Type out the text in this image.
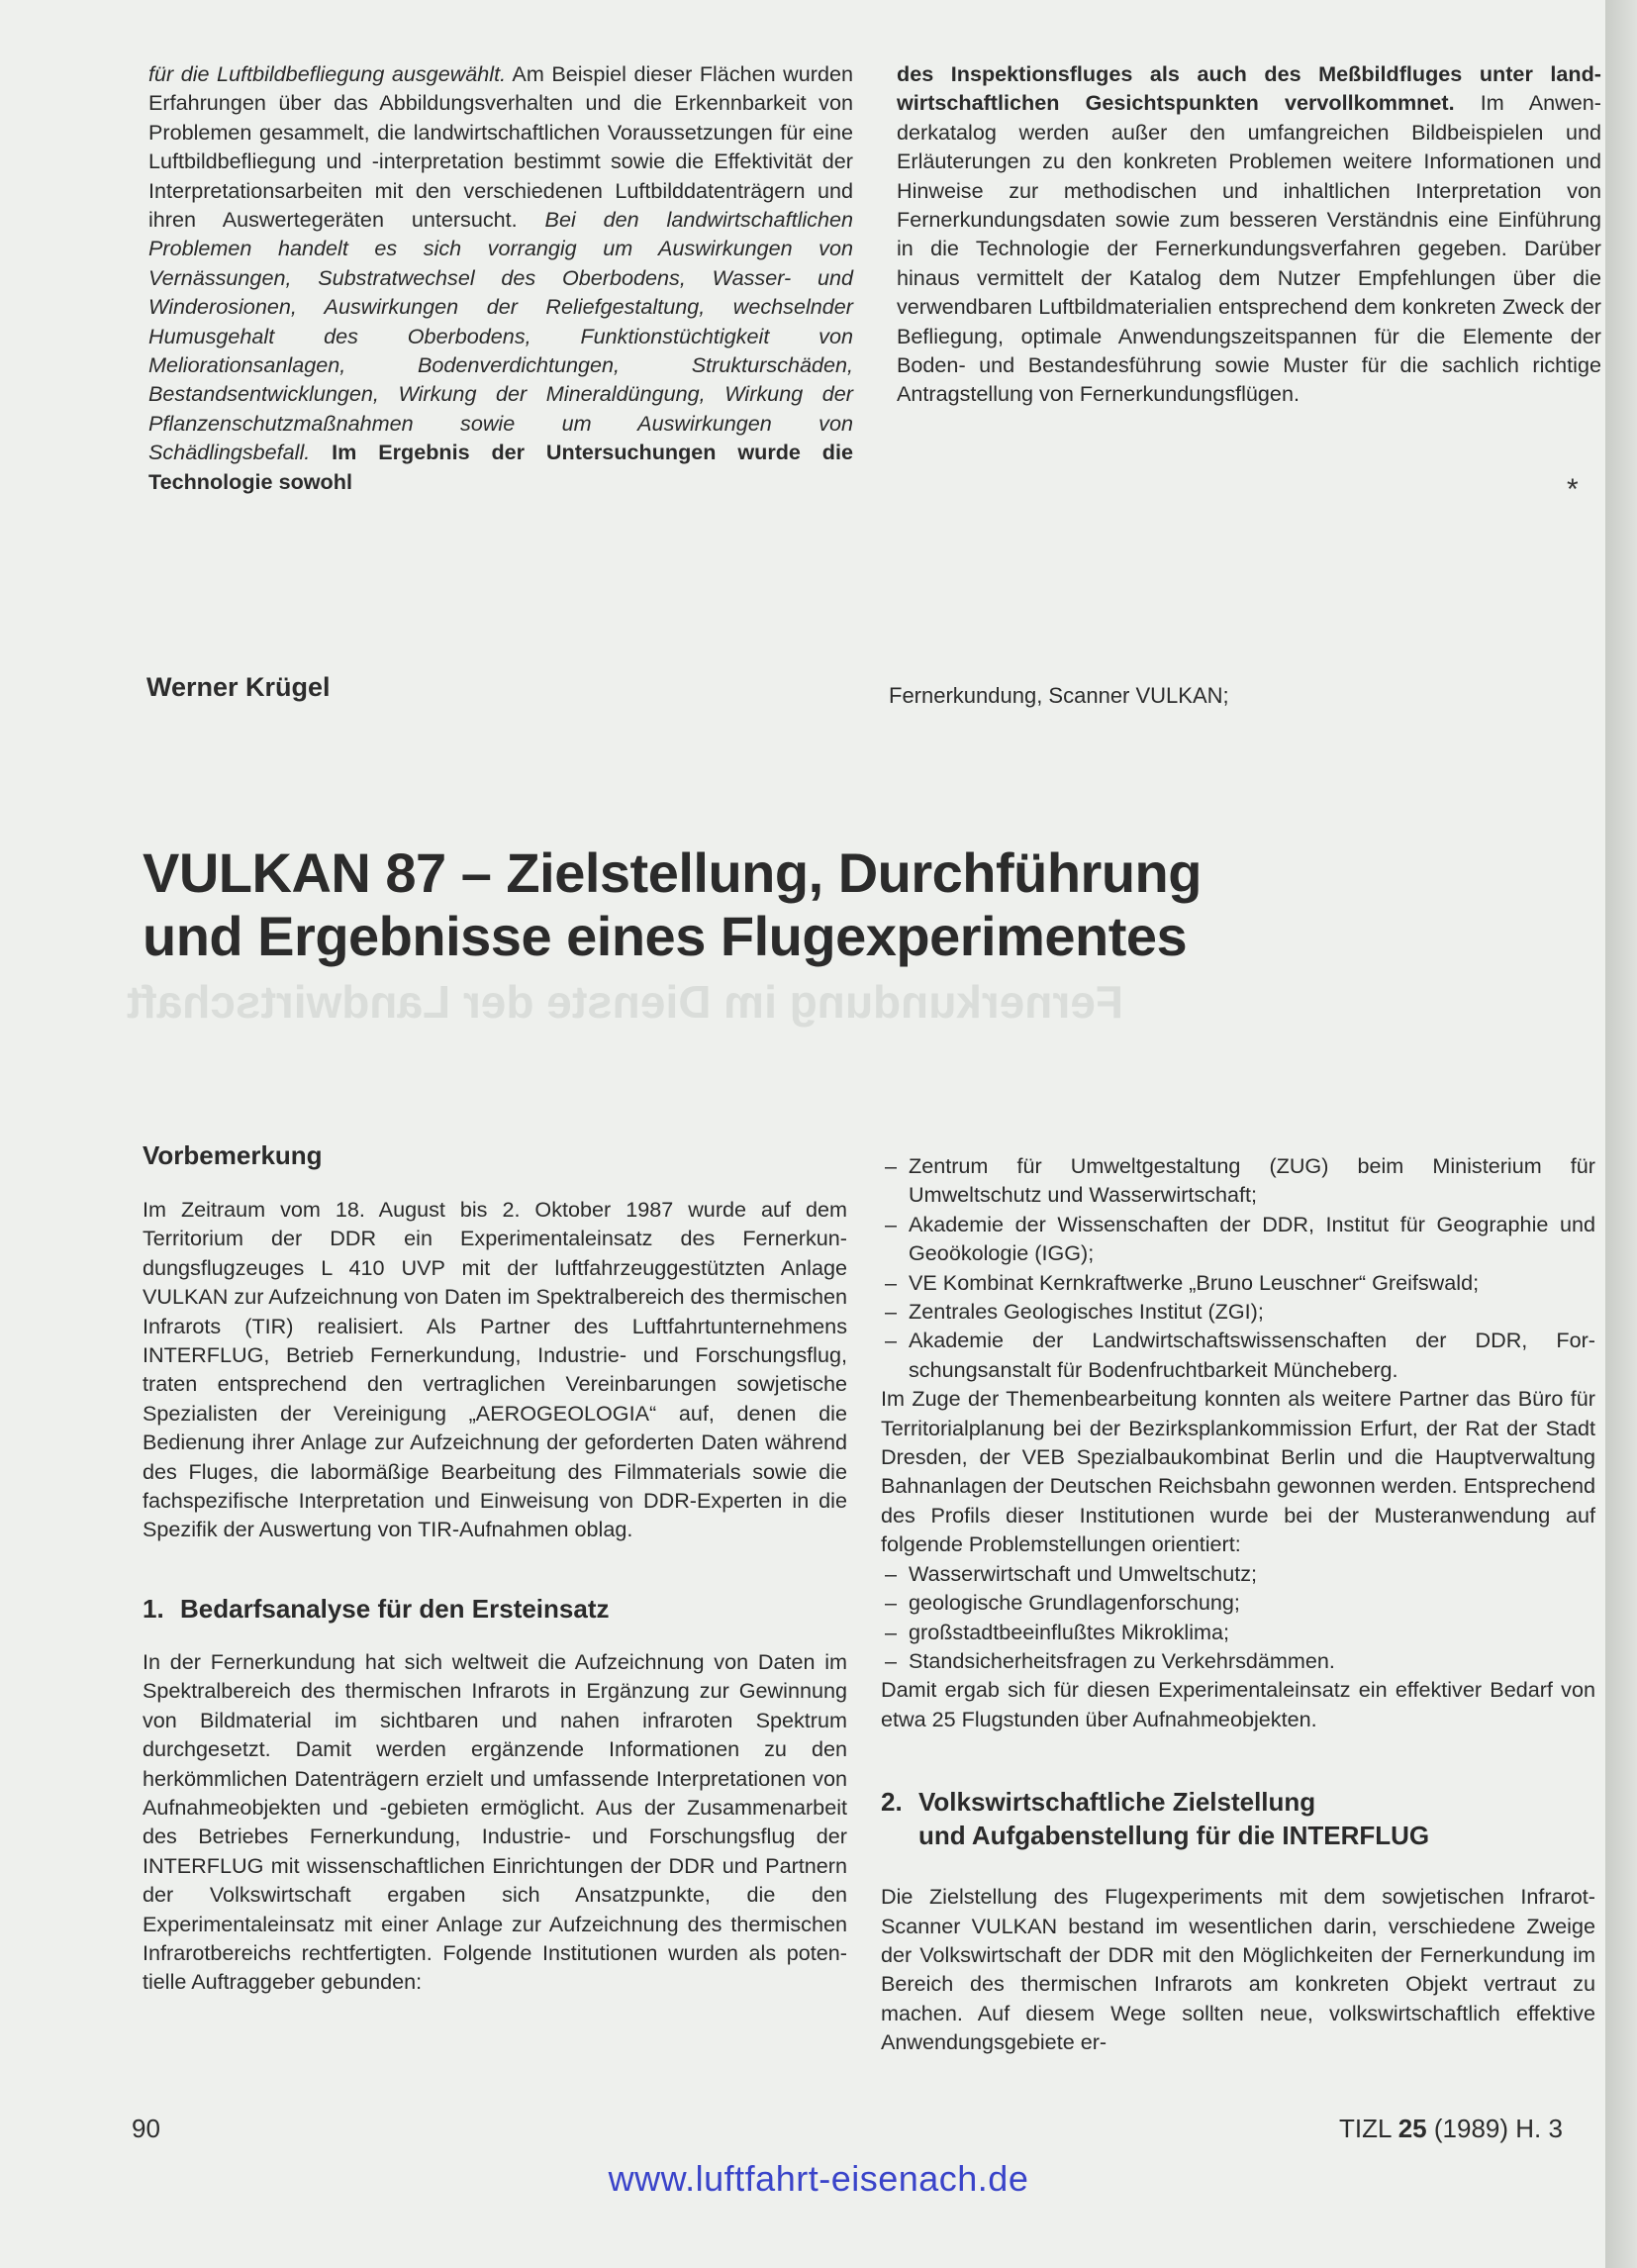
für die Luftbildbefliegung ausgewählt. Am Beispiel dieser Flächen wurden Erfahrungen über das Abbildungsverhalten und die Erkennbarkeit von Problemen gesammelt, die landwirtschaftlichen Voraussetzungen für eine Luftbildbefliegung und -interpretation bestimmt sowie die Effektivität der Interpretationsarbeiten mit den verschiedenen Luftbilddatenträgern und ihren Auswertegeräten untersucht. Bei den landwirtschaftlichen Problemen handelt es sich vorrangig um Auswirkungen von Vernässungen, Substratwechsel des Oberbodens, Wasser- und Winderosionen, Auswirkungen der Reliefgestaltung, wechselnder Humusgehalt des Oberbodens, Funktionstüchtigkeit von Meliorationsanlagen, Bodenverdichtungen, Strukturschäden, Bestandsentwicklungen, Wirkung der Mineraldüngung, Wirkung der Pflanzenschutzmaßnahmen sowie um Auswirkungen von Schädlingsbefall. Im Ergebnis der Untersuchungen wurde die Technologie sowohl

des Inspektionsfluges als auch des Meßbildfluges unter landwirtschaftlichen Gesichtspunkten vervollkommnet. Im Anwenderkatalog werden außer den umfangreichen Bildbeispielen und Erläuterungen zu den konkreten Problemen weitere Informationen und Hinweise zur methodischen und inhaltlichen Interpretation von Fernerkundungsdaten sowie zum besseren Verständnis eine Einführung in die Technologie der Fernerkundungsverfahren gegeben. Darüber hinaus vermittelt der Katalog dem Nutzer Empfehlungen über die verwendbaren Luftbildmaterialien entsprechend dem konkreten Zweck der Befliegung, optimale Anwendungszeitspannen für die Elemente der Boden- und Bestandesführung sowie Muster für die sachlich richtige Antragstellung von Fernerkundungsflügen.

*
Werner Krügel	Fernerkundung, Scanner VULKAN;
Fernerkundung im Dienste der Landwirtschaft
VULKAN 87 – Zielstellung, Durchführung
und Ergebnisse eines Flugexperimentes
Vorbemerkung

Im Zeitraum vom 18. August bis 2. Oktober 1987 wurde auf dem Territorium der DDR ein Experimentaleinsatz des Fernerkundungsflugzeuges L 410 UVP mit der luftfahrzeuggestützten Anlage VULKAN zur Aufzeichnung von Daten im Spektralbereich des thermischen Infrarots (TIR) realisiert. Als Partner des Luftfahrtunternehmens INTERFLUG, Betrieb Fernerkundung, Industrie- und Forschungsflug, traten entsprechend den vertraglichen Vereinbarungen sowjetische Spezialisten der Vereinigung „AEROGEOLOGIA“ auf, denen die Bedienung ihrer Anlage zur Aufzeichnung der geforderten Daten während des Fluges, die labormäßige Bearbeitung des Filmmaterials sowie die fachspezifische Interpretation und Einweisung von DDR-Experten in die Spezifik der Auswertung von TIR-Aufnahmen oblag.

1. Bedarfsanalyse für den Ersteinsatz

In der Fernerkundung hat sich weltweit die Aufzeichnung von Daten im Spektralbereich des thermischen Infrarots in Ergänzung zur Gewinnung von Bildmaterial im sichtbaren und nahen infraroten Spektrum durchgesetzt. Damit werden ergänzende Informationen zu den herkömmlichen Datenträgern erzielt und umfassende Interpretationen von Aufnahmeobjekten und -gebieten ermöglicht. Aus der Zusammenarbeit des Betriebes Fernerkundung, Industrie- und Forschungsflug der INTERFLUG mit wissenschaftlichen Einrichtungen der DDR und Partnern der Volkswirtschaft ergaben sich Ansatzpunkte, die den Experimentaleinsatz mit einer Anlage zur Aufzeichnung des thermischen Infrarotbereichs rechtfertigten. Folgende Institutionen wurden als potentielle Auftraggeber gebunden:

– Zentrum für Umweltgestaltung (ZUG) beim Ministerium für Umweltschutz und Wasserwirtschaft;
– Akademie der Wissenschaften der DDR, Institut für Geographie und Geoökologie (IGG);
– VE Kombinat Kernkraftwerke „Bruno Leuschner“ Greifswald;
– Zentrales Geologisches Institut (ZGI);
– Akademie der Landwirtschaftswissenschaften der DDR, Forschungsanstalt für Bodenfruchtbarkeit Müncheberg.

Im Zuge der Themenbearbeitung konnten als weitere Partner das Büro für Territorialplanung bei der Bezirksplankommission Erfurt, der Rat der Stadt Dresden, der VEB Spezialbaukombinat Berlin und die Hauptverwaltung Bahnanlagen der Deutschen Reichsbahn gewonnen werden. Entsprechend des Profils dieser Institutionen wurde bei der Musteranwendung auf folgende Problemstellungen orientiert:

– Wasserwirtschaft und Umweltschutz;
– geologische Grundlagenforschung;
– großstadtbeeinflußtes Mikroklima;
– Standsicherheitsfragen zu Verkehrsdämmen.

Damit ergab sich für diesen Experimentaleinsatz ein effektiver Bedarf von etwa 25 Flugstunden über Aufnahmeobjekten.

2. Volkswirtschaftliche Zielstellung
und Aufgabenstellung für die INTERFLUG

Die Zielstellung des Flugexperiments mit dem sowjetischen Infrarot-Scanner VULKAN bestand im wesentlichen darin, verschiedene Zweige der Volkswirtschaft der DDR mit den Möglichkeiten der Fernerkundung im Bereich des thermischen Infrarots am konkreten Objekt vertraut zu machen. Auf diesem Wege sollten neue, volkswirtschaftlich effektive Anwendungsgebiete er-

90	TIZL 25 (1989) H. 3
www.luftfahrt-eisenach.de
